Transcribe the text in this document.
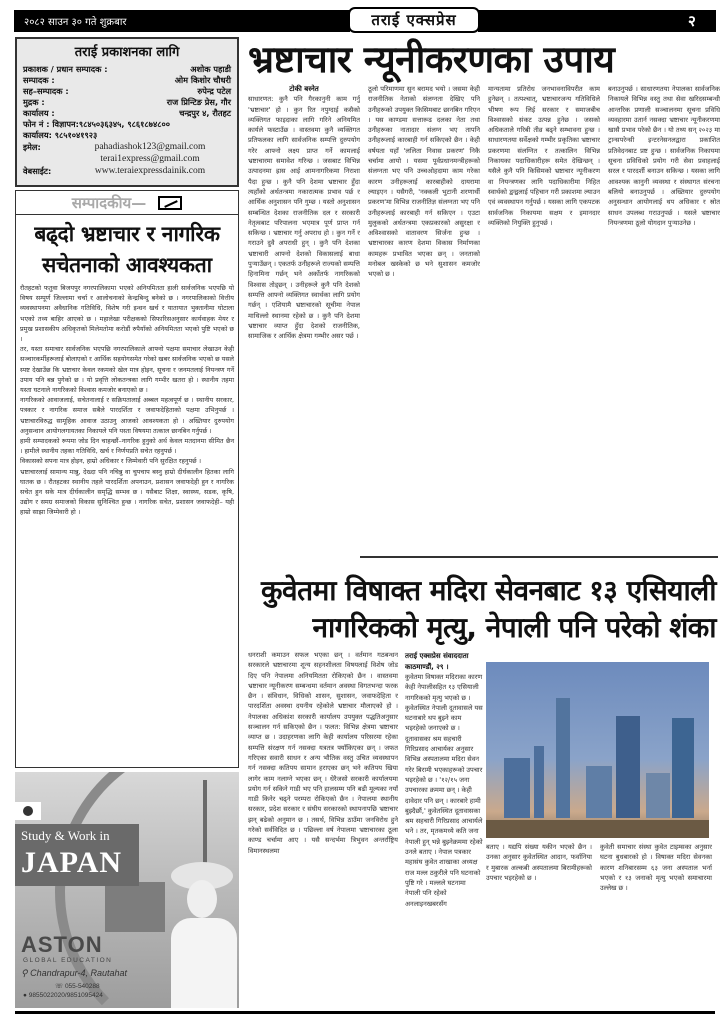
२०८२ साउन ३० गते शुक्रबार	तराई एक्सप्रेस	२
तराई प्रकाशनका लागि
प्रकाशक / प्रधान सम्पादक :	अशोक पहाडी
सम्पादक :	ओम किशोर चौधरी
सह–सम्पादक :	रुपेन्द्र पटेल
मुद्रक :	राज प्रिन्टिङ प्रेस, गौर
कार्यालय :	चन्द्रपुर ४, रौतहट
फोन नं : विज्ञापन:९८४५०३६३४५, ९८६१८७४८००
कार्यालय: ९८५१०४१९२३
इमेल:	pahadiashok123@gmail.com
terai1express@gmail.com
वेबसाईट:	www.teraiexpressdainik.com
सम्पादकीय—
बढ्दो भ्रष्टाचार र नागरिक
सचेतनाको आवश्यकता

रौतहटको फतुवा बिजयपुर नगरपालिकामा भएको अनियमितता हाली सार्वजनिक भएपछि यो विषय सम्पूर्ण जिल्लामा चर्चा र आलोचनाको केन्द्रबिन्दु बनेको छ । नगरपालिकाको वित्तीय व्यवस्थापनमा अवैधानिक गतिविधि, विशेष गरी इन्धन खर्च र यातायात भुक्तानीमा घोटाला भएको तथ्य बाहिर आएको छ । महालेखा परीक्षकको सिफारिसअनुसार कार्यवाहक मेयर र प्रमुख प्रशासकीय अधिकृतको मिलेमतोमा करोडौं रुपैयाँको अनियमितता भएको पुष्टि भएको छ ।

तर, यस्ता समाचार सार्वजनिक भएपछि नगरपालिकाले आफ्नो पक्षमा समाचार लेखाउन केही सञ्चारकर्मीहरूलाई बोलाएको र आर्थिक सहयोगसमेत गरेको खबर सार्वजनिक भएको छ यसले स्पष्ट देखाउँछ कि भ्रष्टाचार केवल रकमको खेल मात्र होइन, सूचना र जनमतलाई नियन्त्रण गर्ने उपाय पनि बन्न पुगेको छ । यो प्रवृत्ति लोकतन्त्रका लागि गम्भीर खतरा हो । स्थानीय तहमा यस्ता घटनाले नागरिकको विश्वास कमजोर बनाएको छ ।

नागरिकको आवाजलाई, सचेतनालाई र सक्रियतालाई अब्बल महत्वपूर्ण छ । स्थानीय सरकार, पत्रकार र नागरिक समाज सबैले पारदर्शिता र जवाफदेहिताको पक्षमा उभिनुपर्छ । भ्रष्टाचारविरुद्ध सामूहिक आवाज उठाउनु आजको आवश्यकता हो । अख्तियार दुरुपयोग अनुसन्धान आयोगलगायतका निकायले पनि यस्ता विषयमा तत्काल छानबिन गर्नुपर्छ ।

हामी सम्पादकको रूपमा जोड दिन चाहन्छौं–नागरिक हुनुको अर्थ केवल मतदानमा सीमित छैन । हामीले स्थानीय तहका गतिविधि, खर्च र निर्णयप्रति सचेत रहनुपर्छ ।

विकासको सपना मात्र होइन, हाम्रो अधिकार र जिम्मेवारी पनि सुरक्षित रहनुपर्छ ।

भ्रष्टाचारलाई सामान्य मान्नु, देख्दा पनि नचिन्नु वा चुपचाप बस्नु हाम्रो दीर्घकालीन हितका लागि घातक छ । रौतहटका स्थानीय तहले पारदर्शिता अपनाउन, प्रशासन जवाफदेही हुन र नागरिक सचेत हुन सके मात्र दीर्घकालीन समृद्धि सम्भव छ । यसैबाट शिक्षा, स्वास्थ्य, सडक, कृषि, उद्योग र समग्र समाजको विकास सुनिश्चित हुन्छ । नागरिक सचेत, प्रशासन जवाफदेही– यही हाम्रो साझा जिम्मेवारी हो ।

Study & Work in
JAPAN
ASTON
GLOBAL EDUCATION
⚲ Chandrapur-4, Rautahat
☏ 055-540288
● 9855022020/9851095424
भ्रष्टाचार न्यूनीकरणका उपाय
टोकी बस्नेत
साधारणत: कुनै पनि गैरकानुनी काम गर्नु 'भ्रष्टाचार' हो । कुन रित नपुग्दाई कसैको व्यक्तिगत फाइदाका लागि गरिने अनियमित कार्यले फस्टाउँछ । वास्तवमा कुनै व्यक्तिगत प्रतिफलका लागि सार्वजनिक सम्पत्ति दुरुपयोग गरेर आफ्नो लक्ष्य प्राप्त गर्ने कामलाई भ्रष्टाचारमा समावेश गरिन्छ । जसबाट विभिन्न उत्पादनमा ह्रास आई आमनागरिकमा निराशा पैदा हुन्छ । कुनै पनि देशमा भ्रष्टाचार हुँदा त्यहाँको अर्थतन्त्रमा नकारात्मक प्रभाव पर्छ र आर्थिक अनुशासन पनि गुम्छ । यस्तो अनुशासन सम्बन्धित देशका राजनीतिक दल र सरकारी नेतृत्वबाट परिपालना भएमात्र पूर्ण प्राप्त गर्न सकिन्छ । भ्रष्टाचार गर्नु अपराध हो । कुन गर्ने र गराउने दुवै अपराधी हुन् । कुनै पनि देशका भ्रष्टाचारी आफ्नो देशको विकासलाई बाधा पुर्‍याउँछन् । एकतर्फ उनीहरूले राज्यको सम्पत्ति हिनामिना गर्छन् भने अर्कोतर्फ नागरिकको विश्वास तोड्छन् । उनीहरूले कुनै पनि देशको सम्पत्ति आफ्नो व्यक्तिगत स्वार्थका लागि प्रयोग गर्छन् । एशियामै भ्रष्टाचारको सूचीमा नेपाल माथिल्लो स्थानमा रहेको छ । कुनै पनि देशमा भ्रष्टाचार व्याप्त हुँदा देशको राजनीतिक, सामाजिक र आर्थिक क्षेत्रमा गम्भीर असर पर्छ ।
ठूलो परिमाणमा सुन बरामद भयो । जसमा केही राजनीतिक नेताको संलग्नता देखिए पनि उनीहरूको उपयुक्त किसिमबाट छानबिन गरिएन । यस काण्डमा सत्तारूढ दलका नेता तथा उनीहरूका नातादार संलग्न भए तापनि उनीहरूलाई कारबाही गर्न सकिएको छैन । केही वर्षयता यहाँ 'ललिता निवास प्रकरण' निकै चर्चामा आयो । यसमा पूर्वप्रधानमन्त्रीहरूको संलग्नता भए पनि उच्चओहदामा काम गरेका कारण उनीहरूलाई कारबाहीको दायरामा ल्याइएन । यसैगरी, 'नक्कली भुटानी शरणार्थी प्रकरण'मा विभिन्न राजनीतिज्ञ संलग्नता भए पनि उनीहरूलाई कारबाही गर्न सकिएन । एउटा मुलुकको अर्थतन्त्रमा एकप्रकारको असुरक्षा र अविश्वासको वातावरण सिर्जना हुन्छ । भ्रष्टाचारका कारण देशमा विकास निर्माणका कामहरू प्रभावित भएका छन् । जनताको मनोबल खस्केको छ भने सुशासन कमजोर भएको छ ।
मान्यतामा प्रतिरोध जनभावनाविपरीत काम हुनेछन् । तत्पश्चात्, भ्रष्टाचारजन्य गतिविधिले भीषण रूप लिई सरकार र समाजबीच विश्वासको संकट उत्पन्न हुनेछ । जसको अधिकताले गरिबी तीव्र बढ्ने सम्भावना हुन्छ । साधारणतया सर्वेक्षको गम्भीर प्रकृतिका भ्रष्टाचार प्रकरणमा संलग्नित र तत्कालिन विभिन्न निकायका पदाधिकारीहरू समेत देखिन्छन् । यसैले कुनै पनि किसिमको भ्रष्टाचार न्यूनीकरण वा नियन्त्रणका लागि पदाधिकारीमा निहित स्वार्थको द्वन्द्वलाई पहिचान गरी प्रकाशमा ल्याउन एवं व्यवस्थापन गर्नुपर्छ । यसका लागि एकपटक सार्वजनिक निकायमा सक्षम र इमानदार व्यक्तिको नियुक्ति हुनुपर्छ ।
बनाउनुपर्छ । साधारणतया नेपालका सार्वजनिक निकायले विभिन्न वस्तु तथा सेवा खरिदसम्बन्धी आन्तरिक प्रणाली सञ्चालनमा सूचना प्रविधि व्यवहारमा उतार्न नसक्दा भ्रष्टाचार न्यूनीकरणमा खासै प्रभाव परेको छैन । यो तथ्य सन् २०२३ मा ट्रान्सपरेन्सी इन्टरनेसनलद्वारा प्रकाशित प्रतिवेदनबाट प्रष्ट हुन्छ । सार्वजनिक निकायमा सूचना प्रविधिको प्रयोग गरी सेवा प्रवाहलाई सरल र पारदर्शी बनाउन सकिन्छ । यसका लागि आवश्यक कानुनी व्यवस्था र संस्थागत संरचना बलियो बनाउनुपर्छ । अख्तियार दुरुपयोग अनुसन्धान आयोगलाई थप अधिकार र स्रोत साधन उपलब्ध गराउनुपर्छ । यसले भ्रष्टाचार नियन्त्रणमा ठूलो योगदान पुर्‍याउनेछ ।
कुवेतमा विषाक्त मदिरा सेवनबाट १३ एसियाली
नागरिकको मृत्यु, नेपाली पनि परेको शंका
धनराशी कमाउन सफल भएका छन् । वर्तमान गठबन्धन सरकारले भ्रष्टाचारमा शून्य सहनशीलता विषयलाई विशेष जोड दिए पनि नेपालमा अनियमितता रोकिएको छैन । वास्तवमा भ्रष्टाचार न्यूनीकरण सम्बन्धमा वर्तमान अवस्था विगतभन्दा फरक छैन । संविधान, विधिको शासन, सुशासन, जवाफदेहिता र पारदर्शिता अवस्था दयनीय रहेकोले भ्रष्टाचार मौलाएको हो । नेपालका अधिकांश सरकारी कार्यालय उपयुक्त पद्धतिअनुसार सञ्चालन गर्न सकिएको छैन । फलत: विभिन्न क्षेत्रमा भ्रष्टाचार व्याप्त छ । उदाहरणका लागि केही कार्यालय परिसरमा रहेका सम्पत्ति संरक्षण गर्न नसक्दा यत्रतत्र फ्याँकिएका छन् । जफत गरिएका सवारी साधन र अन्य भौतिक वस्तु उचित व्यवस्थापन गर्न नसक्दा कतिपय सामान हराएका छन् भने कतिपय खिया लागेर काम नलाग्ने भएका छन् । धेरैजसो सरकारी कार्यालयमा प्रयोग गर्न सकिने गाडी भए पनि हालसम्म पनि बढी मूल्यका नयाँ गाडी किनेर चढ्ने परम्परा रोकिएको छैन । नेपालमा स्थानीय सरकार, प्रदेश सरकार र संघीय सरकारको स्थापनापछि भ्रष्टाचार झन् बढेको अनुमान छ । तसर्थ, विभिन्न ठाउँमा जनविरोध हुने गरेको सर्वविदित छ । पछिल्ला वर्ष नेपालमा भ्रष्टाचारका ठूला काण्ड चर्चामा आए । यसै सन्दर्भमा त्रिभुवन अन्तर्राष्ट्रिय विमानस्थलमा
तराई एक्सप्रेस संवाददाता
काठमाण्डौं, २९ ।
कुवेतमा विषाक्त मदिराका कारण केही नेपालीसहित १३ एसियाली नागरिकको मृत्यु भएको छ । कुवेतस्थित नेपाली दूतावासले यस घटनाबारे थप बुझ्ने काम भइरहेको जनाएको छ । दूतावासका श्रम सहचारी गिरिप्रसाद आचार्यका अनुसार विभिन्न अस्पतालमा मदिरा सेवन गरेर बिरामी भएकाहरूको उपचार भइरहेको छ । '१२/१५ जना उपचारका क्रममा छन् । केही दावेदार पनि छन् । कारबारे हामी बुझ्दैछौं,' कुवेतस्थित दूतावासका श्रम सहचारी गिरिप्रसाद आचार्यले भने । तर, मृतकमध्ये कति जना नेपाली हुन् भन्ने बुझ्नेक्रममा रहेको उनले बताए । नेपाल पत्रकार महासंघ कुवेत शाखाका अध्यक्ष राज मल्ल ठकुरीले पनि घटनाको पुष्टि गरे । मल्लले घटनामा नेपाली पनि रहेको अनलाइनखबरसँग
बताए । यद्यपि संख्या यकीन भएको छैन । उनका अनुसार कुवेतस्थित आदान, फर्वानिया र मुबारक अल्कबी अस्पतालमा बिरामीहरूको उपचार भइरहेको छ ।
कुवेती समाचार संस्था कुवेत टाइम्सका अनुसार घटना बुधबारको हो । विषाक्त मदिरा सेवनका कारण शनिबारसम्म ६३ जना अस्पताल भर्ना भएको र १३ जनाको मृत्यु भएको समाचारमा उल्लेख छ ।
